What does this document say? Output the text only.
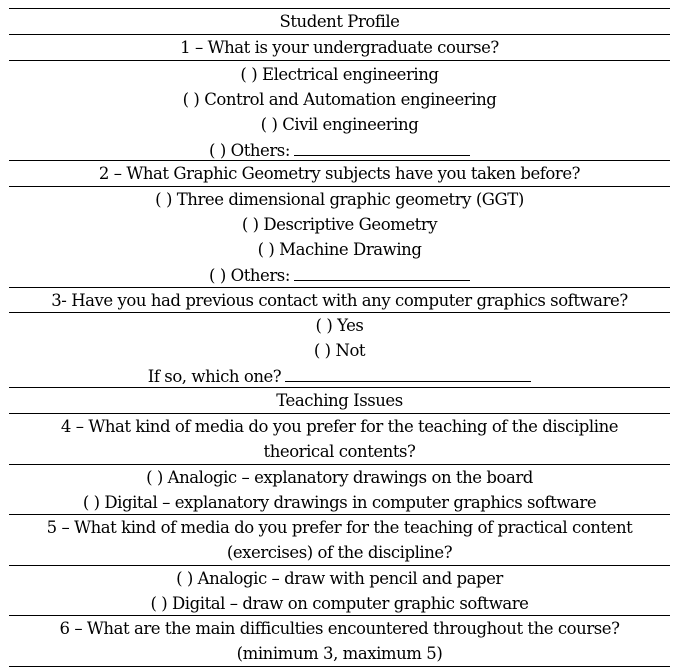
Student Profile
1 – What is your undergraduate course?
( ) Electrical engineering
( ) Control and Automation engineering
( ) Civil engineering
( ) Others:
2 – What Graphic Geometry subjects have you taken before?
( ) Three dimensional graphic geometry (GGT)
( ) Descriptive Geometry
( ) Machine Drawing
( ) Others:
3- Have you had previous contact with any computer graphics software?
( ) Yes
( ) Not
If so, which one?
Teaching Issues
4 – What kind of media do you prefer for the teaching of the discipline
theorical contents?
( ) Analogic – explanatory drawings on the board
( ) Digital – explanatory drawings in computer graphics software
5 – What kind of media do you prefer for the teaching of practical content
(exercises) of the discipline?
( ) Analogic – draw with pencil and paper
( ) Digital – draw on computer graphic software
6 – What are the main difficulties encountered throughout the course?
(minimum 3, maximum 5)
